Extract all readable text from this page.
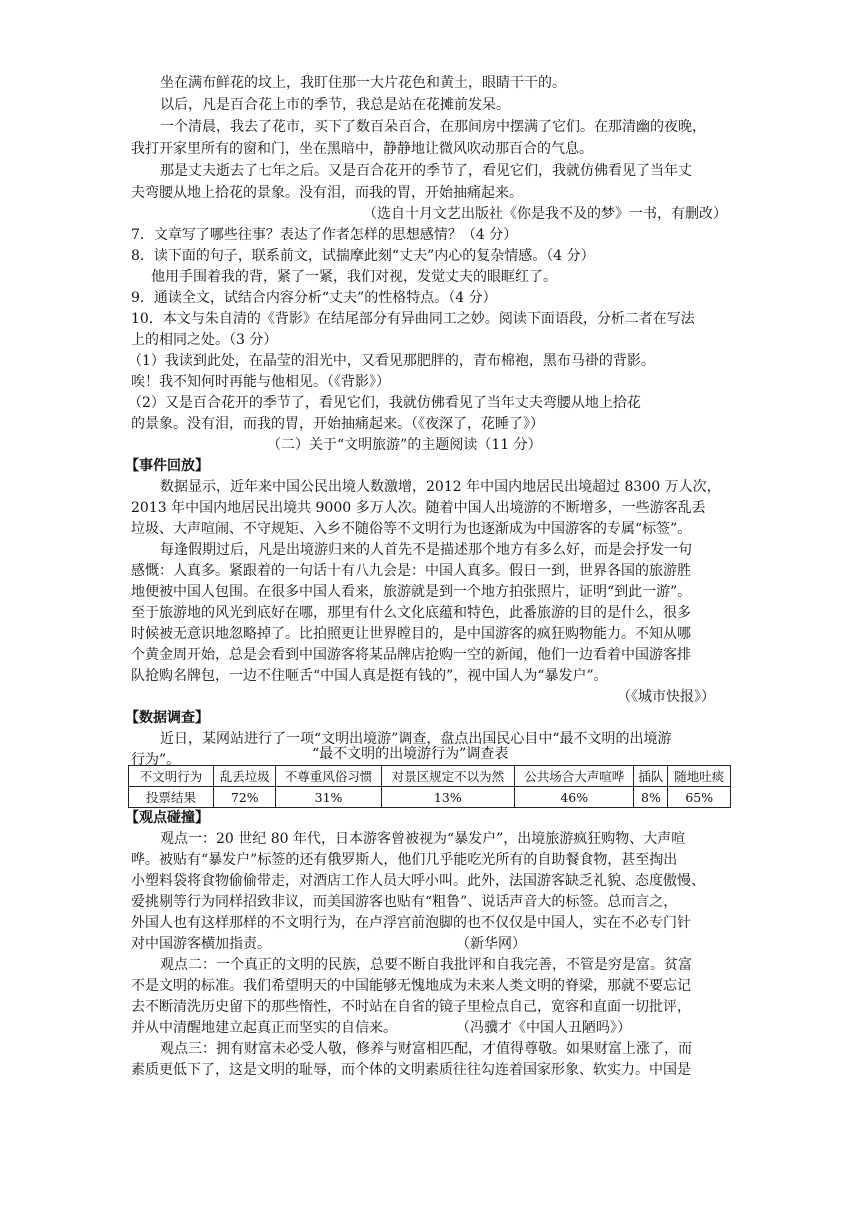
坐在满布鲜花的坟上，我盯住那一大片花色和黄土，眼睛干干的。
以后，凡是百合花上市的季节，我总是站在花摊前发呆。
一个清晨，我去了花市，买下了数百朵百合，在那间房中摆满了它们。在那清幽的夜晚，
我打开家里所有的窗和门，坐在黑暗中，静静地让微风吹动那百合的气息。
那是丈夫逝去了七年之后。又是百合花开的季节了，看见它们，我就仿佛看见了当年丈
夫弯腰从地上拾花的景象。没有泪，而我的胃，开始抽痛起来。
（选自十月文艺出版社《你是我不及的梦》一书，有删改）
7．文章写了哪些往事？表达了作者怎样的思想感情？（4 分）
8．读下面的句子，联系前文，试揣摩此刻“丈夫”内心的复杂情感。（4 分）
他用手围着我的背，紧了一紧，我们对视，发觉丈夫的眼眶红了。
9．通读全文，试结合内容分析“丈夫”的性格特点。（4 分）
10．本文与朱自清的《背影》在结尾部分有异曲同工之妙。阅读下面语段，分析二者在写法
上的相同之处。（3 分）
（1）我读到此处，在晶莹的泪光中，又看见那肥胖的，青布棉袍，黑布马褂的背影。
唉！我不知何时再能与他相见。（《背影》）
（2）又是百合花开的季节了，看见它们，我就仿佛看见了当年丈夫弯腰从地上拾花
的景象。没有泪，而我的胃，开始抽痛起来。（《夜深了，花睡了》）
（二）关于“文明旅游”的主题阅读（11 分）
【事件回放】
数据显示，近年来中国公民出境人数激增，2012 年中国内地居民出境超过 8300 万人次，
2013 年中国内地居民出境共 9000 多万人次。随着中国人出境游的不断增多，一些游客乱丢
垃圾、大声喧闹、不守规矩、入乡不随俗等不文明行为也逐渐成为中国游客的专属“标签”。
每逢假期过后，凡是出境游归来的人首先不是描述那个地方有多么好，而是会抒发一句
感慨：人真多。紧跟着的一句话十有八九会是：中国人真多。假日一到，世界各国的旅游胜
地便被中国人包围。在很多中国人看来，旅游就是到一个地方拍张照片，证明“到此一游”。
至于旅游地的风光到底好在哪，那里有什么文化底蕴和特色，此番旅游的目的是什么，很多
时候被无意识地忽略掉了。比拍照更让世界瞠目的，是中国游客的疯狂购物能力。不知从哪
个黄金周开始，总是会看到中国游客将某品牌店抢购一空的新闻，他们一边看着中国游客排
队抢购名牌包，一边不住咂舌“中国人真是挺有钱的”，视中国人为“暴发户”。
（《城市快报》）
【数据调查】
近日，某网站进行了一项“文明出境游”调查，盘点出国民心目中“最不文明的出境游
行为”。	“最不文明的出境游行为”调查表
不文明行为	乱丢垃圾	不尊重风俗习惯	对景区规定不以为然	公共场合大声喧哗	插队	随地吐痰
投票结果	72%	31%	13%	46%	8%	65%
【观点碰撞】
观点一：20 世纪 80 年代，日本游客曾被视为“暴发户”，出境旅游疯狂购物、大声喧
哗。被贴有“暴发户”标签的还有俄罗斯人，他们几乎能吃光所有的自助餐食物，甚至掏出
小塑料袋将食物偷偷带走，对酒店工作人员大呼小叫。此外，法国游客缺乏礼貌、态度傲慢、
爱挑剔等行为同样招致非议，而美国游客也贴有“粗鲁”、说话声音大的标签。总而言之，
外国人也有这样那样的不文明行为，在卢浮宫前泡脚的也不仅仅是中国人，实在不必专门针
对中国游客横加指责。	（新华网）
观点二：一个真正的文明的民族，总要不断自我批评和自我完善，不管是穷是富。贫富
不是文明的标准。我们希望明天的中国能够无愧地成为未来人类文明的脊梁，那就不要忘记
去不断清洗历史留下的那些惰性，不时站在自省的镜子里检点自己，宽容和直面一切批评，
并从中清醒地建立起真正而坚实的自信来。	（冯骥才《中国人丑陋吗》）
观点三：拥有财富未必受人敬，修养与财富相匹配，才值得尊敬。如果财富上涨了，而
素质更低下了，这是文明的耻辱，而个体的文明素质往往勾连着国家形象、软实力。中国是
